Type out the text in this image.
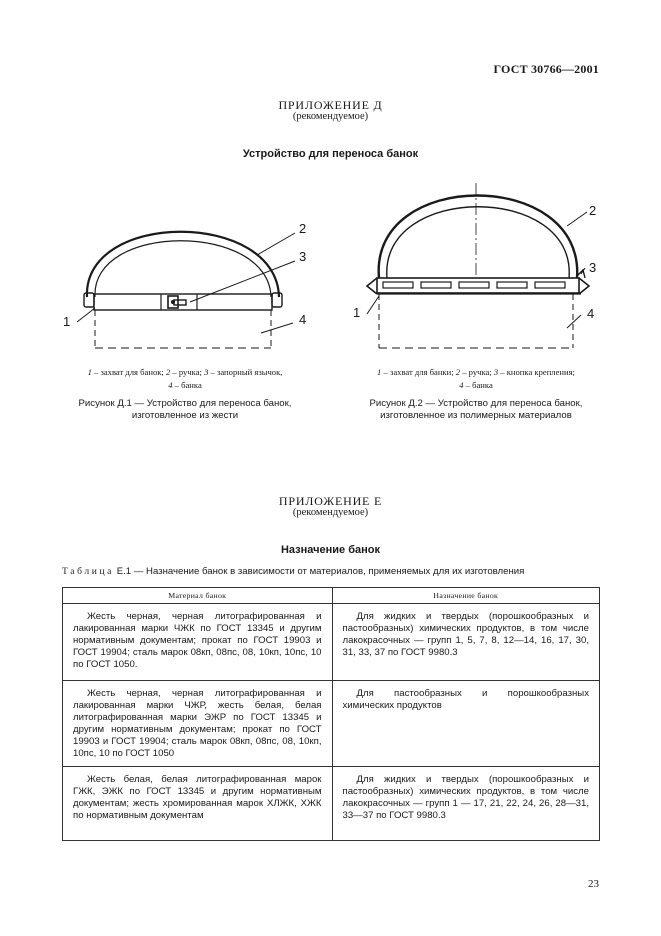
ГОСТ 30766—2001
ПРИЛОЖЕНИЕ Д
(рекомендуемое)
Устройство для переноса банок
2
3
1	4
2
3
1	4
1 – захват для банок; 2 – ручка; 3 – запорный язычок,
4 – банка
Рисунок Д.1 — Устройство для переноса банок,
изготовленное из жести
1 – захват для банки; 2 – ручка; 3 – кнопка крепления;
4 – банка
Рисунок Д.2 — Устройство для переноса банок,
изготовленное из полимерных материалов
ПРИЛОЖЕНИЕ Е
(рекомендуемое)
Назначение банок
Таблица Е.1 — Назначение банок в зависимости от материалов, применяемых для их изготовления
Материал банок	Назначение банок
Жесть черная, черная литографированная и лакированная марки ЧЖК по ГОСТ 13345 и другим нормативным документам; прокат по ГОСТ 19903 и ГОСТ 19904; сталь марок 08кп, 08пс, 08, 10кп, 10пс, 10 по ГОСТ 1050.	Для жидких и твердых (порошкообразных и пастообразных) химических продуктов, в том числе лакокрасочных — групп 1, 5, 7, 8, 12—14, 16, 17, 30, 31, 33, 37 по ГОСТ 9980.3
Жесть черная, черная литографированная и лакированная марки ЧЖР, жесть белая, белая литографированная марки ЭЖР по ГОСТ 13345 и другим нормативным документам; прокат по ГОСТ 19903 и ГОСТ 19904; сталь марок 08кп, 08пс, 08, 10кп, 10пс, 10 по ГОСТ 1050	Для пастообразных и порошкообразных химических продуктов
Жесть белая, белая литографированная марок ГЖК, ЭЖК по ГОСТ 13345 и другим нормативным документам; жесть хромированная марок ХЛЖК, ХЖК по нормативным документам	Для жидких и твердых (порошкообразных и пастообразных) химических продуктов, в том числе лакокрасочных — групп 1 — 17, 21, 22, 24, 26, 28—31, 33—37 по ГОСТ 9980.3
23
